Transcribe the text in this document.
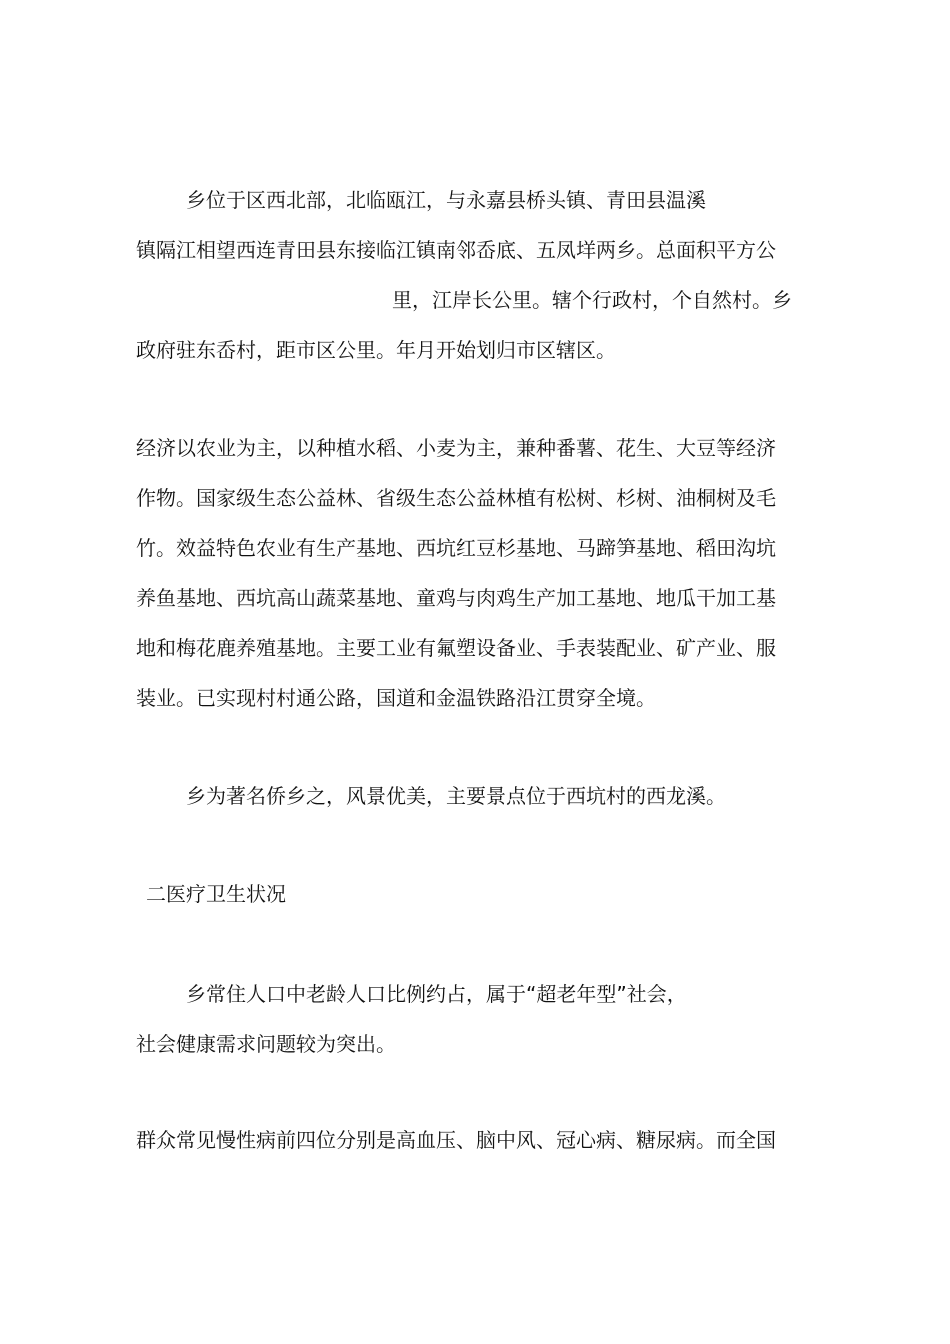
乡位于区西北部，北临瓯江，与永嘉县桥头镇、青田县温溪
镇隔江相望西连青田县东接临江镇南邻岙底、五凤垟两乡。总面积平方公
里，江岸长公里。辖个行政村，个自然村。乡
政府驻东岙村，距市区公里。年月开始划归市区辖区。
经济以农业为主，以种植水稻、小麦为主，兼种番薯、花生、大豆等经济
作物。国家级生态公益林、省级生态公益林植有松树、杉树、油桐树及毛
竹。效益特色农业有生产基地、西坑红豆杉基地、马蹄笋基地、稻田沟坑
养鱼基地、西坑高山蔬菜基地、童鸡与肉鸡生产加工基地、地瓜干加工基
地和梅花鹿养殖基地。主要工业有氟塑设备业、手表装配业、矿产业、服
装业。已实现村村通公路，国道和金温铁路沿江贯穿全境。
乡为著名侨乡之，风景优美，主要景点位于西坑村的西龙溪。
二医疗卫生状况
乡常住人口中老龄人口比例约占，属于“超老年型”社会，
社会健康需求问题较为突出。
群众常见慢性病前四位分别是高血压、脑中风、冠心病、糖尿病。而全国
